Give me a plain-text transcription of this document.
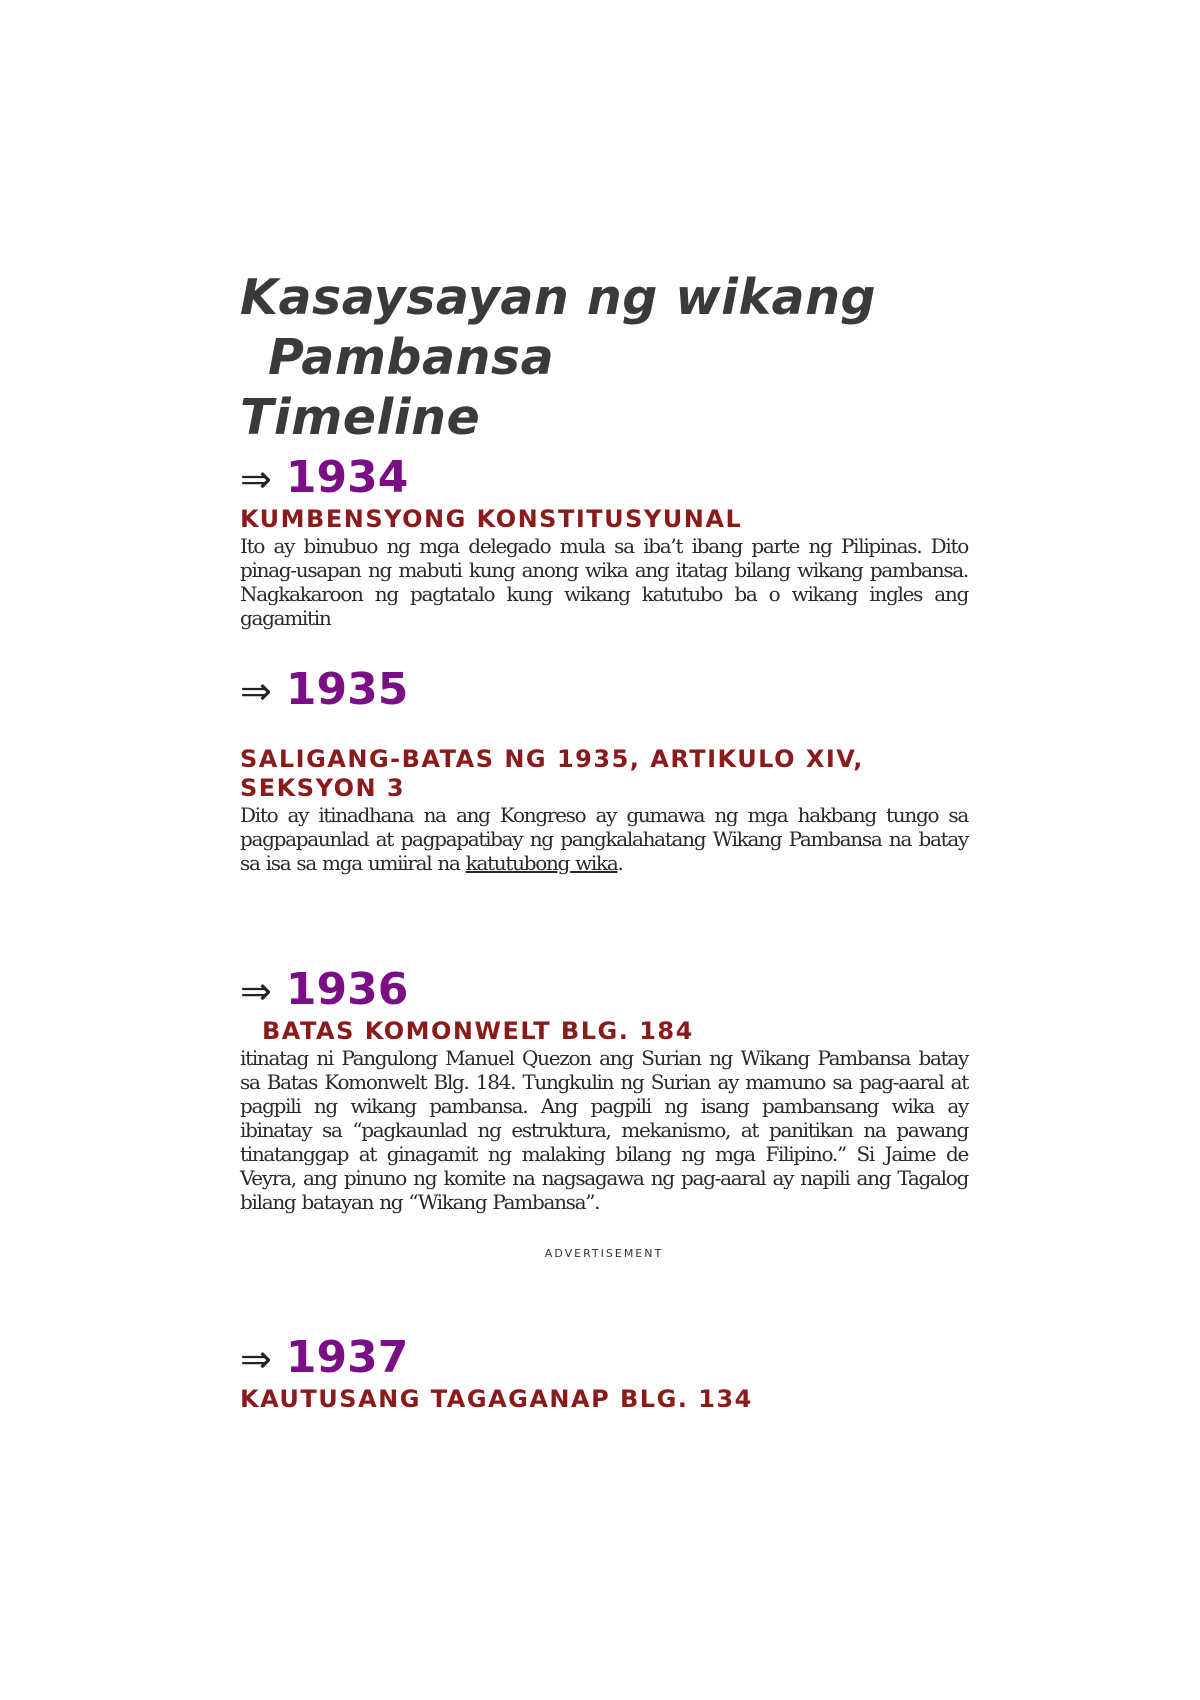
Kasaysayan ng wikang
Pambansa
Timeline
⇒ 1934
KUMBENSYONG KONSTITUSYUNAL

Ito ay binubuo ng mga delegado mula sa iba’t ibang parte ng Pilipinas. Dito pinag-usapan ng mabuti kung anong wika ang itatag bilang wikang pambansa. Nagkakaroon ng pagtatalo kung wikang katutubo ba o wikang ingles ang gagamitin

⇒ 1935
SALIGANG-BATAS NG 1935, ARTIKULO XIV, SEKSYON 3

Dito ay itinadhana na ang Kongreso ay gumawa ng mga hakbang tungo sa pagpapaunlad at pagpapatibay ng pangkalahatang Wikang Pambansa na batay sa isa sa mga umiiral na katutubong wika.

⇒ 1936
BATAS KOMONWELT BLG. 184

itinatag ni Pangulong Manuel Quezon ang Surian ng Wikang Pambansa batay sa Batas Komonwelt Blg. 184. Tungkulin ng Surian ay mamuno sa pag-aaral at pagpili ng wikang pambansa. Ang pagpili ng isang pambansang wika ay ibinatay sa “pagkaunlad ng estruktura, mekanismo, at panitikan na pawang tinatanggap at ginagamit ng malaking bilang ng mga Filipino.” Si Jaime de Veyra, ang pinuno ng komite na nagsagawa ng pag-aaral ay napili ang Tagalog bilang batayan ng “Wikang Pambansa”.

ADVERTISEMENT
⇒ 1937
KAUTUSANG TAGAGANAP BLG. 134
